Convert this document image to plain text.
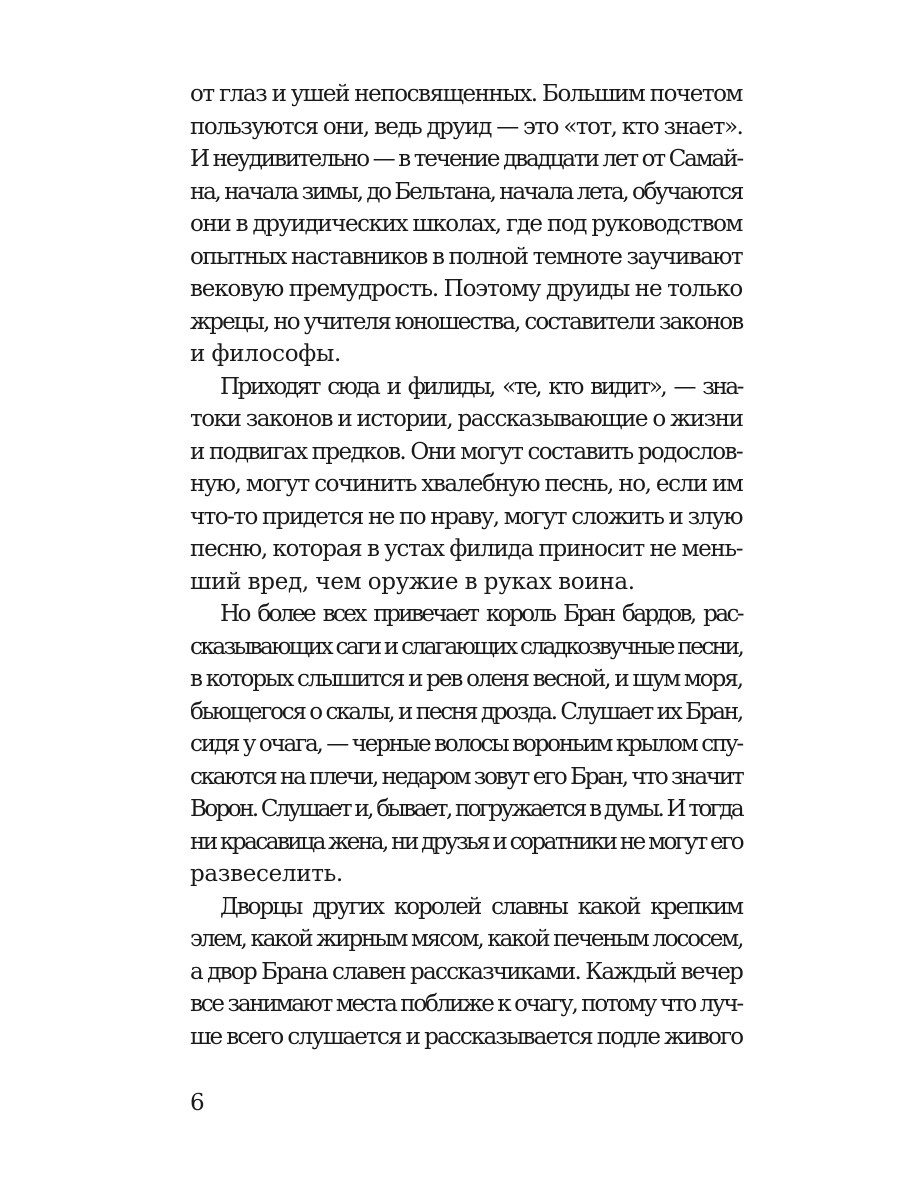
от глаз и ушей непосвященных. Большим почетом
пользуются они, ведь друид — это «тот, кто знает».
И неудивительно — в течение двадцати лет от Самай-
на, начала зимы, до Бельтана, начала лета, обучаются
они в друидических школах, где под руководством
опытных наставников в полной темноте заучивают
вековую премудрость. Поэтому друиды не только
жрецы, но учителя юношества, составители законов
и философы.
Приходят сюда и филиды, «те, кто видит», — зна-
токи законов и истории, рассказывающие о жизни
и подвигах предков. Они могут составить родослов-
ную, могут сочинить хвалебную песнь, но, если им
что-то придется не по нраву, могут сложить и злую
песню, которая в устах филида приносит не мень-
ший вред, чем оружие в руках воина.
Но более всех привечает король Бран бардов, рас-
сказывающих саги и слагающих сладкозвучные песни,
в которых слышится и рев оленя весной, и шум моря,
бьющегося о скалы, и песня дрозда. Слушает их Бран,
сидя у очага, — черные волосы вороньим крылом спу-
скаются на плечи, недаром зовут его Бран, что значит
Ворон. Слушает и, бывает, погружается в думы. И тогда
ни красавица жена, ни друзья и соратники не могут его
развеселить.
Дворцы других королей славны какой крепким
элем, какой жирным мясом, какой печеным лососем,
а двор Брана славен рассказчиками. Каждый вечер
все занимают места поближе к очагу, потому что луч-
ше всего слушается и рассказывается подле живого
6
